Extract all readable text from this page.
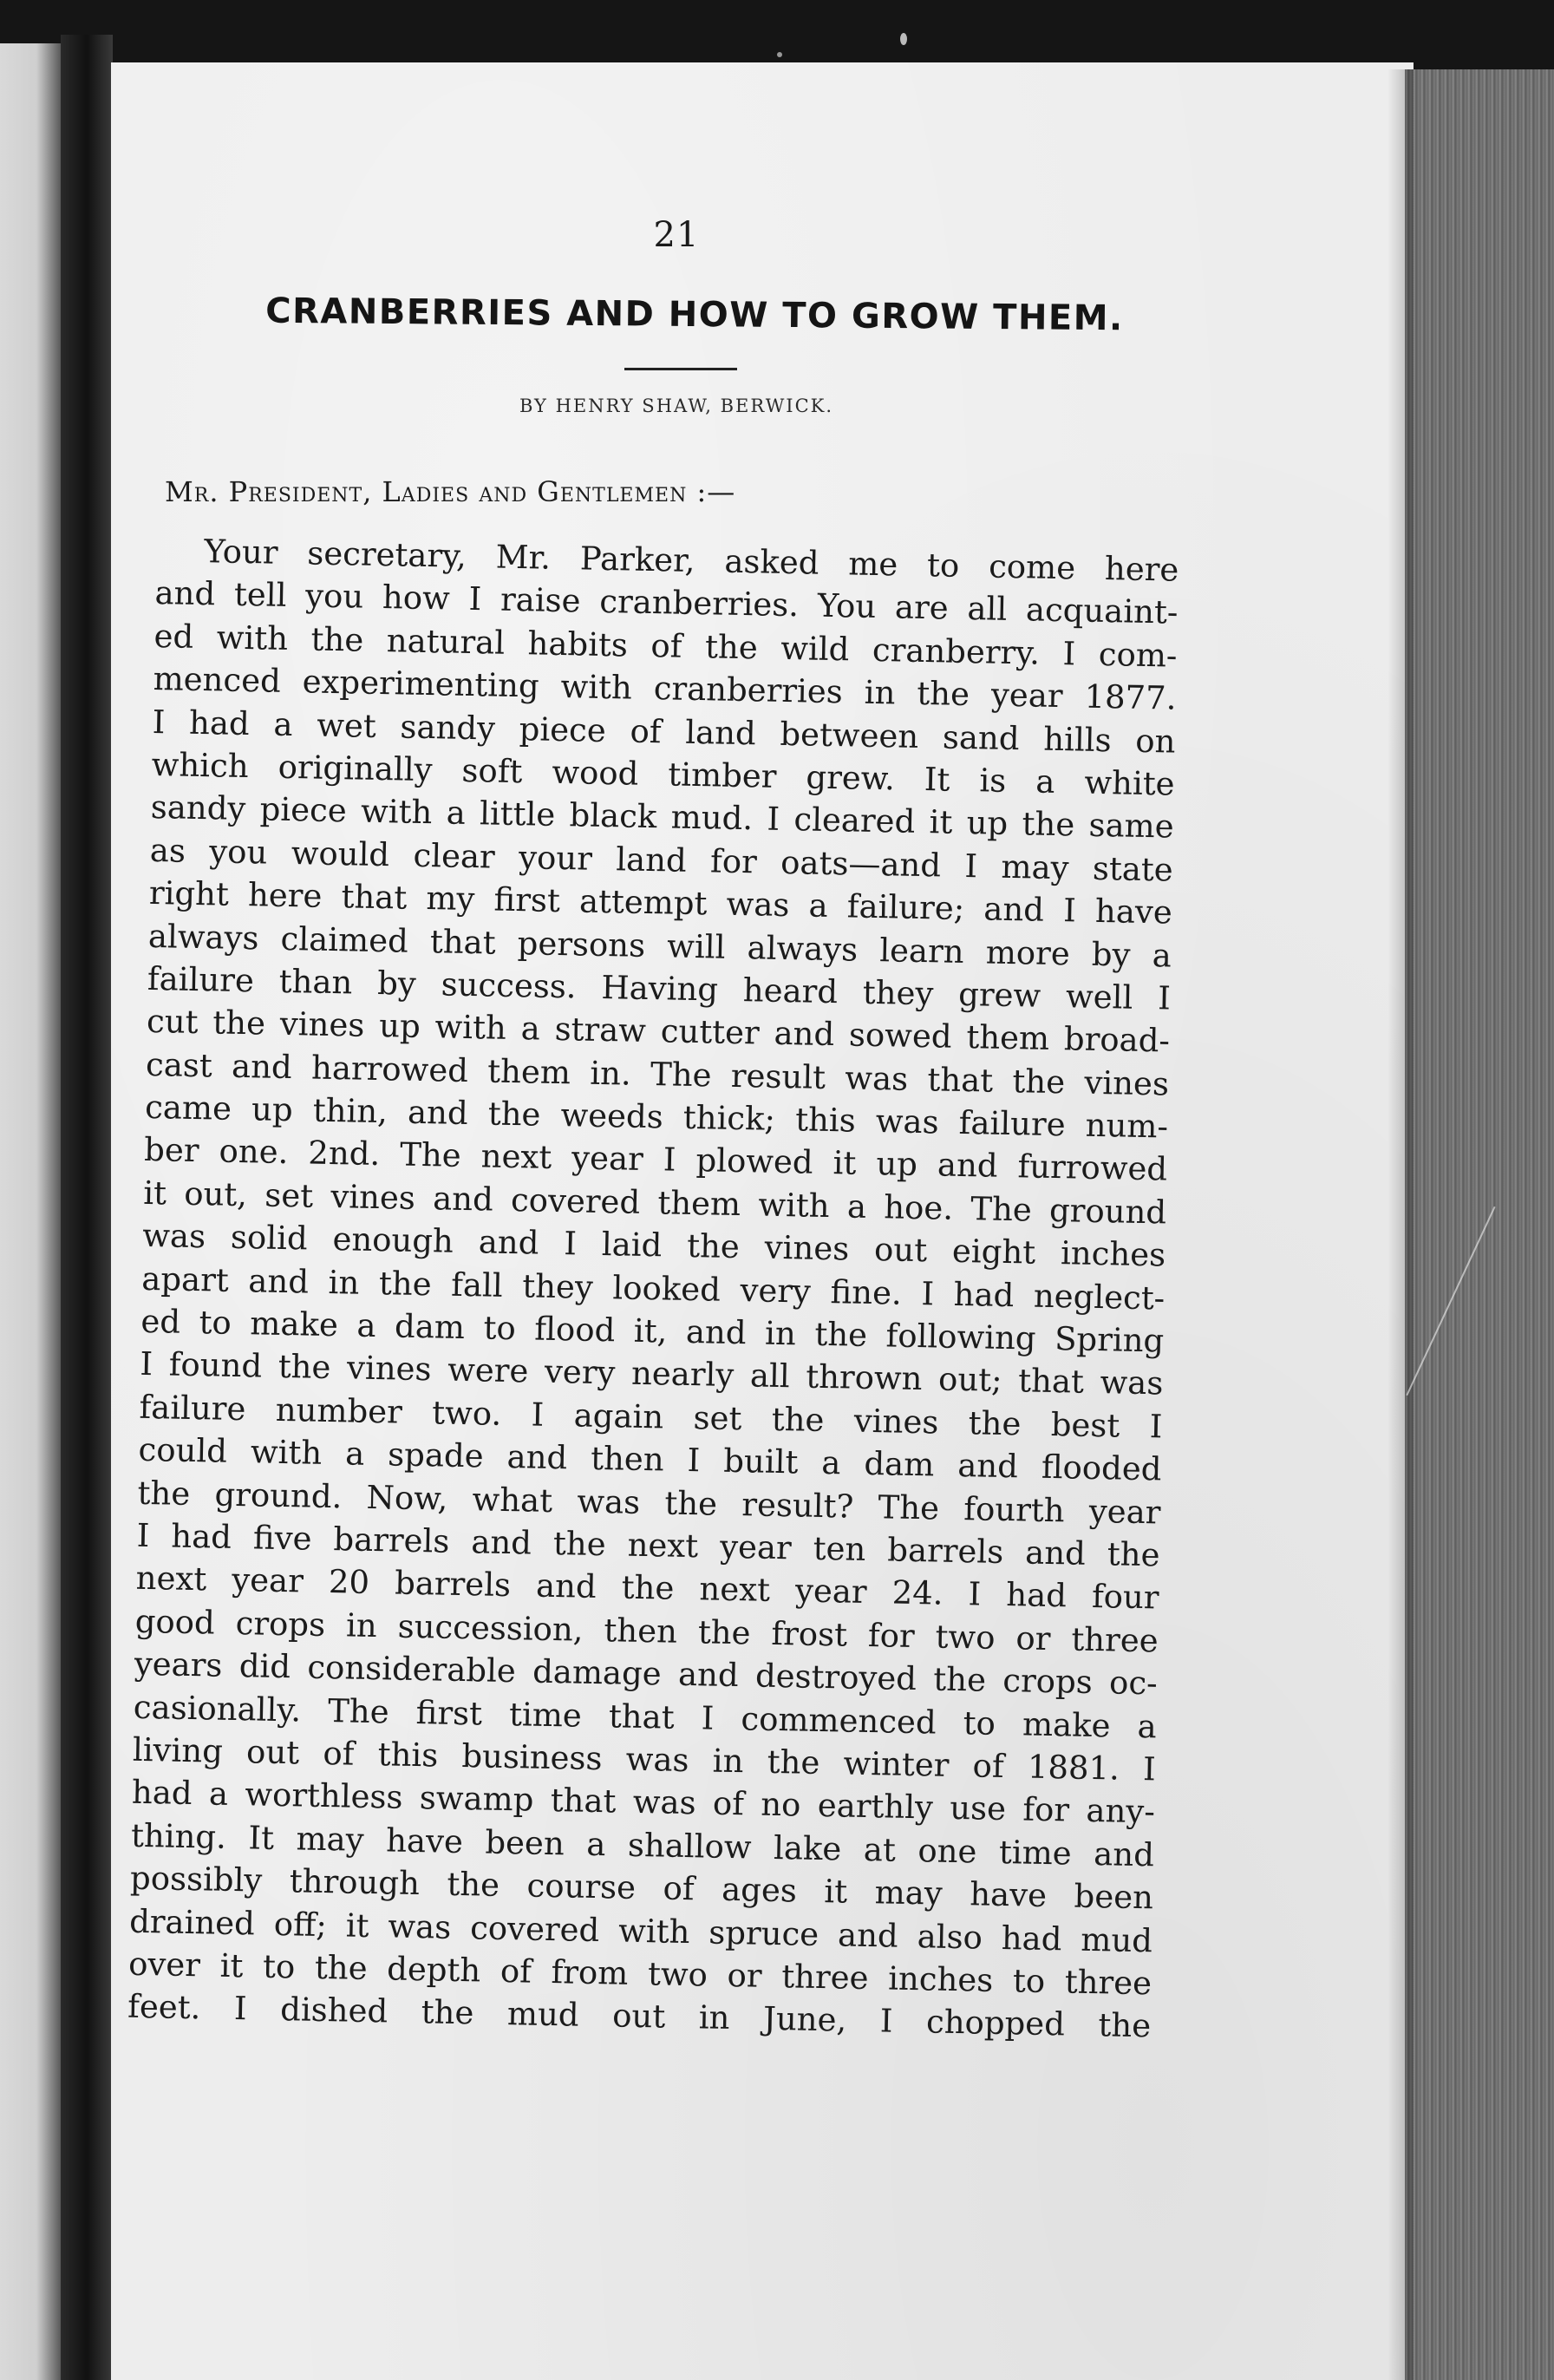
21
CRANBERRIES AND HOW TO GROW THEM.
BY HENRY SHAW, BERWICK.
Mr. President, Ladies and Gentlemen :—
Your secretary, Mr. Parker, asked me to come here
and tell you how I raise cranberries. You are all acquaint-
ed with the natural habits of the wild cranberry. I com-
menced experimenting with cranberries in the year 1877.
I had a wet sandy piece of land between sand hills on
which originally soft wood timber grew. It is a white
sandy piece with a little black mud. I cleared it up the same
as you would clear your land for oats—and I may state
right here that my first attempt was a failure; and I have
always claimed that persons will always learn more by a
failure than by success. Having heard they grew well I
cut the vines up with a straw cutter and sowed them broad-
cast and harrowed them in. The result was that the vines
came up thin, and the weeds thick; this was failure num-
ber one. 2nd. The next year I plowed it up and furrowed
it out, set vines and covered them with a hoe. The ground
was solid enough and I laid the vines out eight inches
apart and in the fall they looked very fine. I had neglect-
ed to make a dam to flood it, and in the following Spring
I found the vines were very nearly all thrown out; that was
failure number two. I again set the vines the best I
could with a spade and then I built a dam and flooded
the ground. Now, what was the result? The fourth year
I had five barrels and the next year ten barrels and the
next year 20 barrels and the next year 24. I had four
good crops in succession, then the frost for two or three
years did considerable damage and destroyed the crops oc-
casionally. The first time that I commenced to make a
living out of this business was in the winter of 1881. I
had a worthless swamp that was of no earthly use for any-
thing. It may have been a shallow lake at one time and
possibly through the course of ages it may have been
drained off; it was covered with spruce and also had mud
over it to the depth of from two or three inches to three
feet. I dished the mud out in June, I chopped the
